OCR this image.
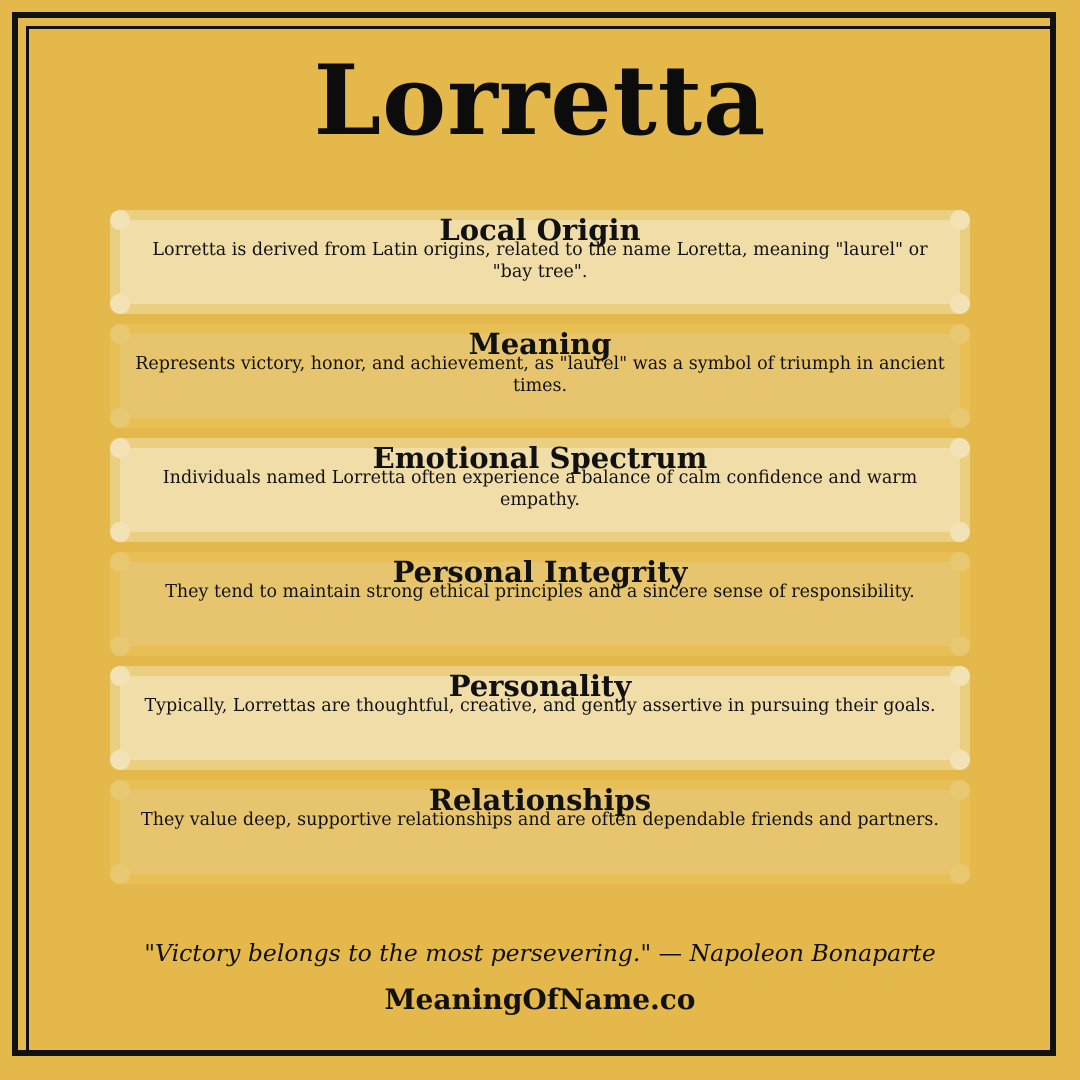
Lorretta
Local Origin
Lorretta is derived from Latin origins, related to the name Loretta, meaning "laurel" or "bay tree".
Meaning
Represents victory, honor, and achievement, as "laurel" was a symbol of triumph in ancient times.
Emotional Spectrum
Individuals named Lorretta often experience a balance of calm confidence and warm empathy.
Personal Integrity
They tend to maintain strong ethical principles and a sincere sense of responsibility.
Personality
Typically, Lorrettas are thoughtful, creative, and gently assertive in pursuing their goals.
Relationships
They value deep, supportive relationships and are often dependable friends and partners.
"Victory belongs to the most persevering." — Napoleon Bonaparte
MeaningOfName.co
